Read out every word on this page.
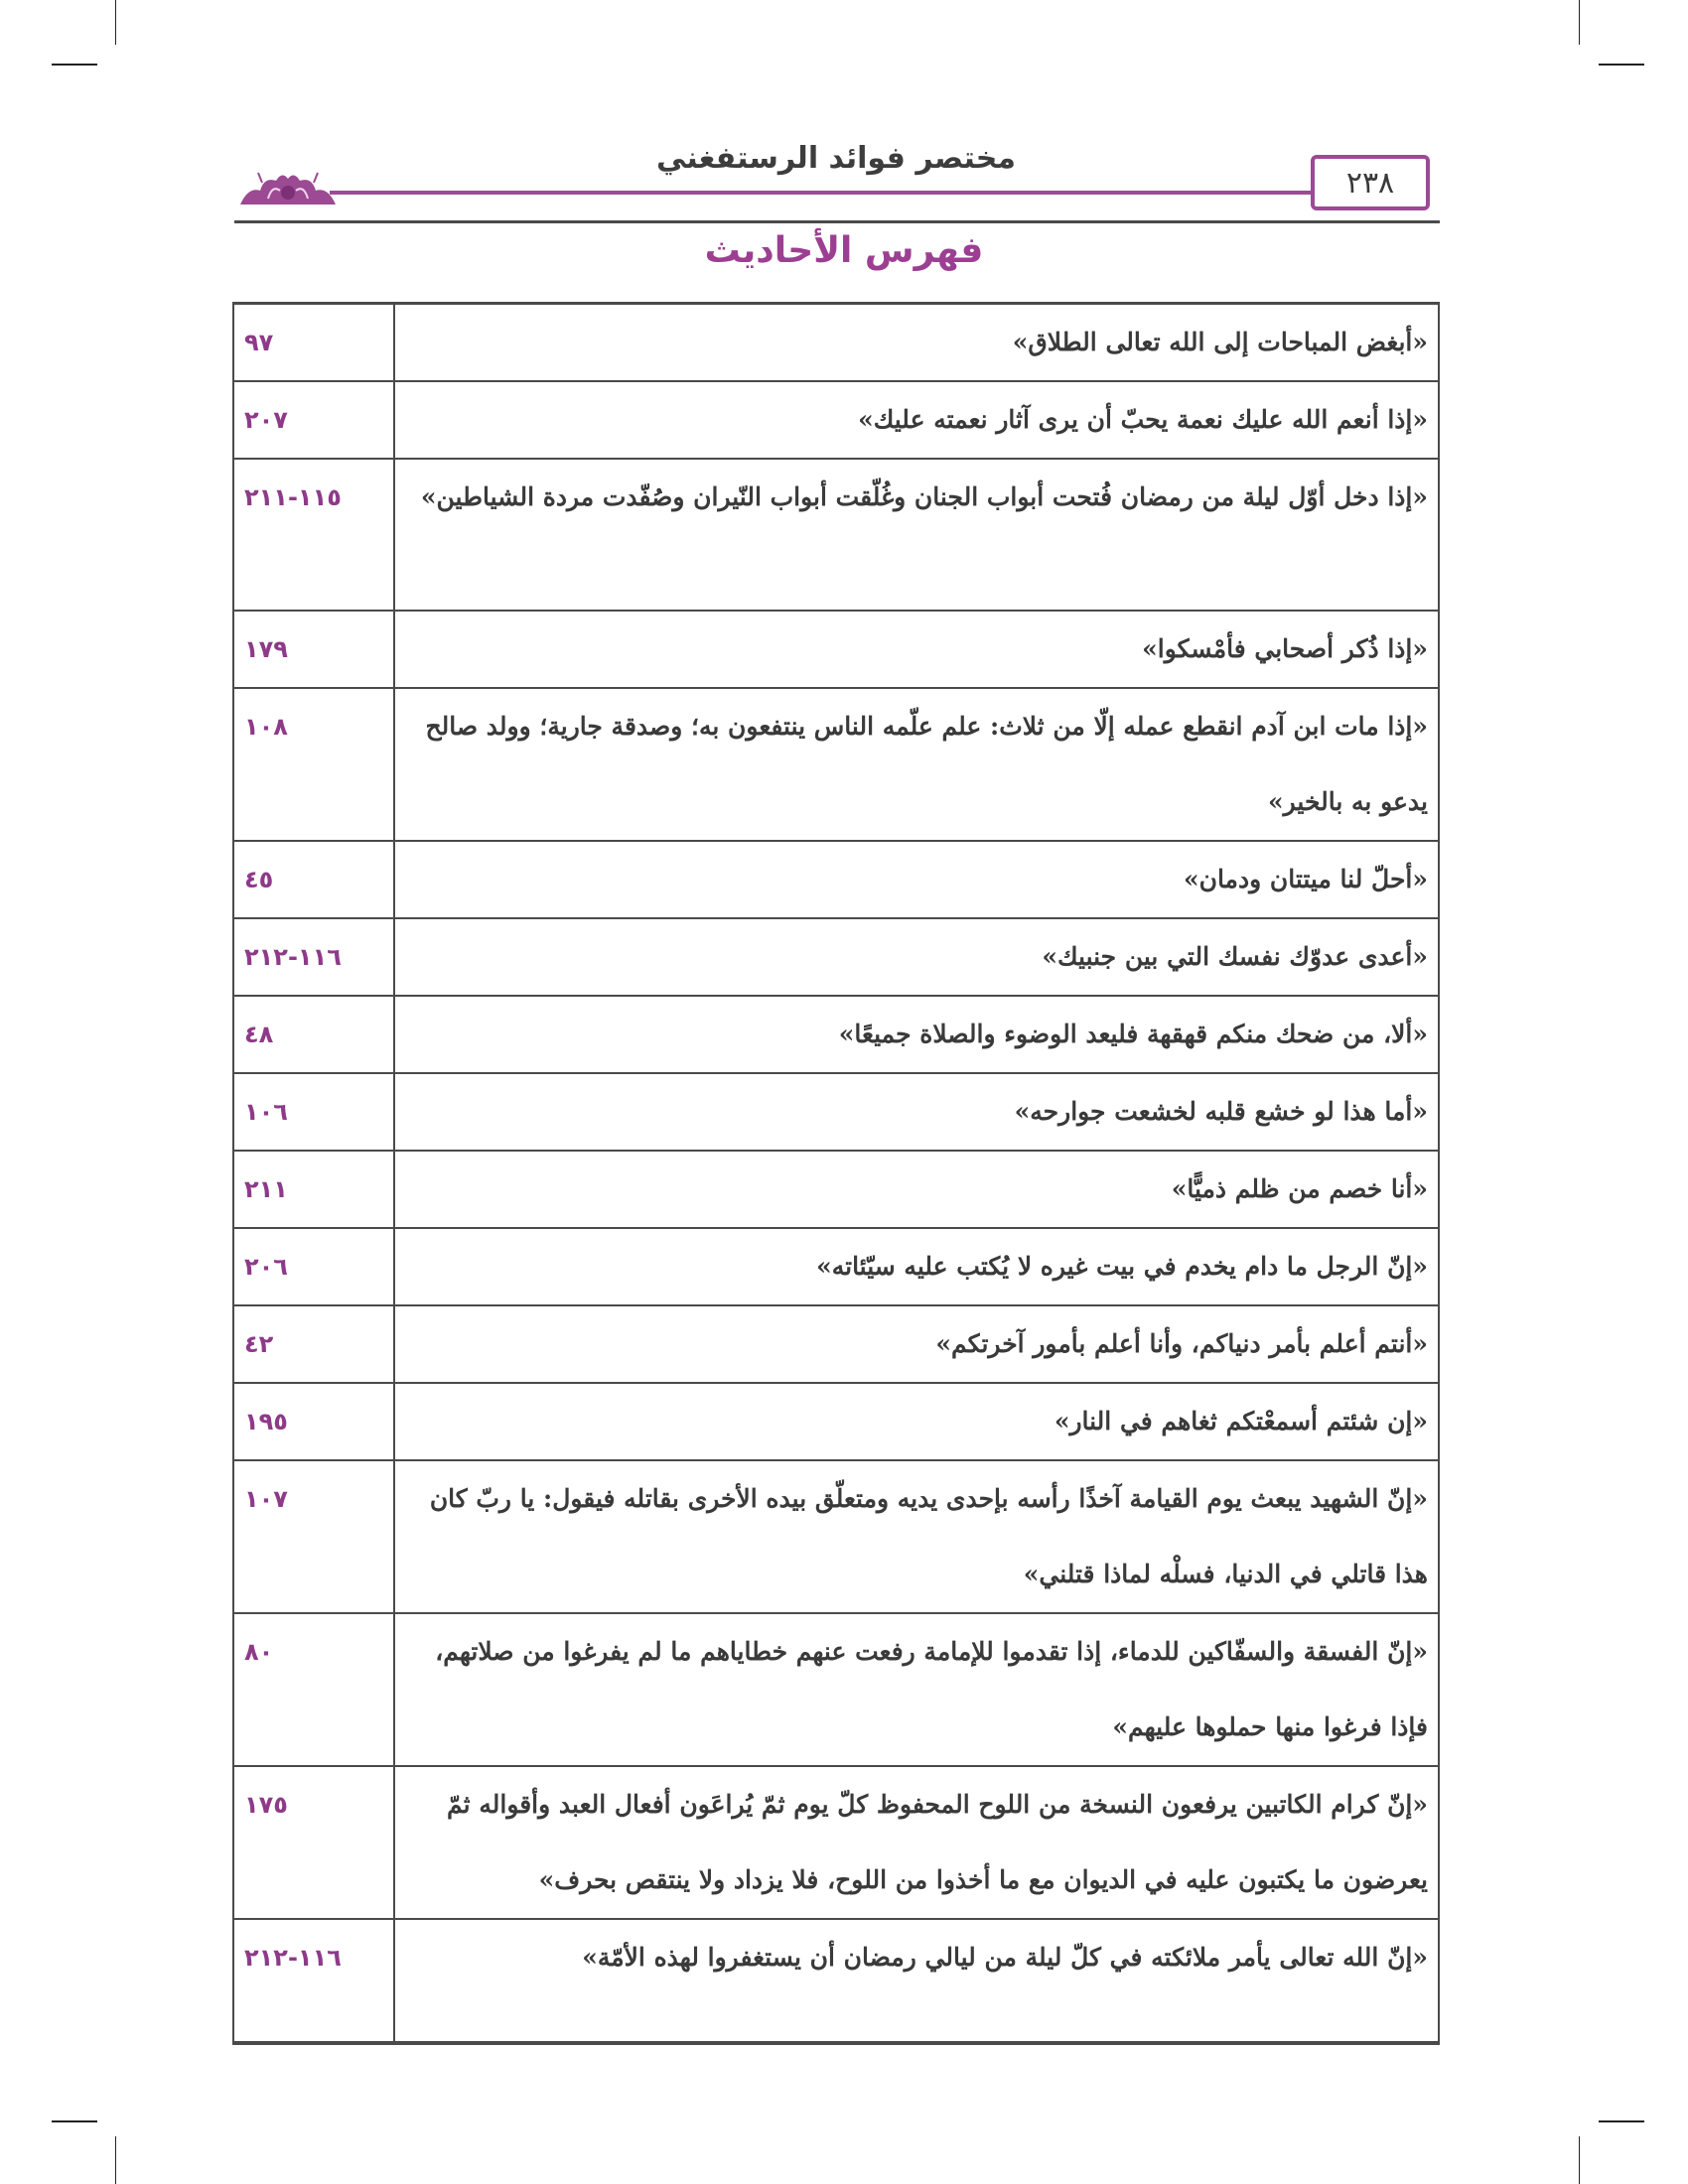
مختصر فوائد الرستفغني
٢٣٨
فهرس الأحاديث
«أبغض المباحات إلى الله تعالى الطلاق»	٩٧
«إذا أنعم الله عليك نعمة يحبّ أن يرى آثار نعمته عليك»	٢٠٧
«إذا دخل أوّل ليلة من رمضان فُتحت أبواب الجنان وغُلّقت أبواب النّيران وصُفّدت مردة الشياطين»	١١٥-٢١١
«إذا ذُكر أصحابي فأمْسكوا»	١٧٩
«إذا مات ابن آدم انقطع عمله إلّا من ثلاث: علم علّمه الناس ينتفعون به؛ وصدقة جارية؛ وولد صالح يدعو به بالخير»	١٠٨
«أحلّ لنا ميتتان ودمان»	٤٥
«أعدى عدوّك نفسك التي بين جنبيك»	١١٦-٢١٢
«ألا، من ضحك منكم قهقهة فليعد الوضوء والصلاة جميعًا»	٤٨
«أما هذا لو خشع قلبه لخشعت جوارحه»	١٠٦
«أنا خصم من ظلم ذميًّا»	٢١١
«إنّ الرجل ما دام يخدم في بيت غيره لا يُكتب عليه سيّئاته»	٢٠٦
«أنتم أعلم بأمر دنياكم، وأنا أعلم بأمور آخرتكم»	٤٢
«إن شئتم أسمعْتكم ثغاهم في النار»	١٩٥
«إنّ الشهيد يبعث يوم القيامة آخذًا رأسه بإحدى يديه ومتعلّق بيده الأخرى بقاتله فيقول: يا ربّ كان هذا قاتلي في الدنيا، فسلْه لماذا قتلني»	١٠٧
«إنّ الفسقة والسفّاكين للدماء، إذا تقدموا للإمامة رفعت عنهم خطاياهم ما لم يفرغوا من صلاتهم، فإذا فرغوا منها حملوها عليهم»	٨٠
«إنّ كرام الكاتبين يرفعون النسخة من اللوح المحفوظ كلّ يوم ثمّ يُراعَون أفعال العبد وأقواله ثمّ يعرضون ما يكتبون عليه في الديوان مع ما أخذوا من اللوح، فلا يزداد ولا ينتقص بحرف»	١٧٥
«إنّ الله تعالى يأمر ملائكته في كلّ ليلة من ليالي رمضان أن يستغفروا لهذه الأمّة»	١١٦-٢١٢
